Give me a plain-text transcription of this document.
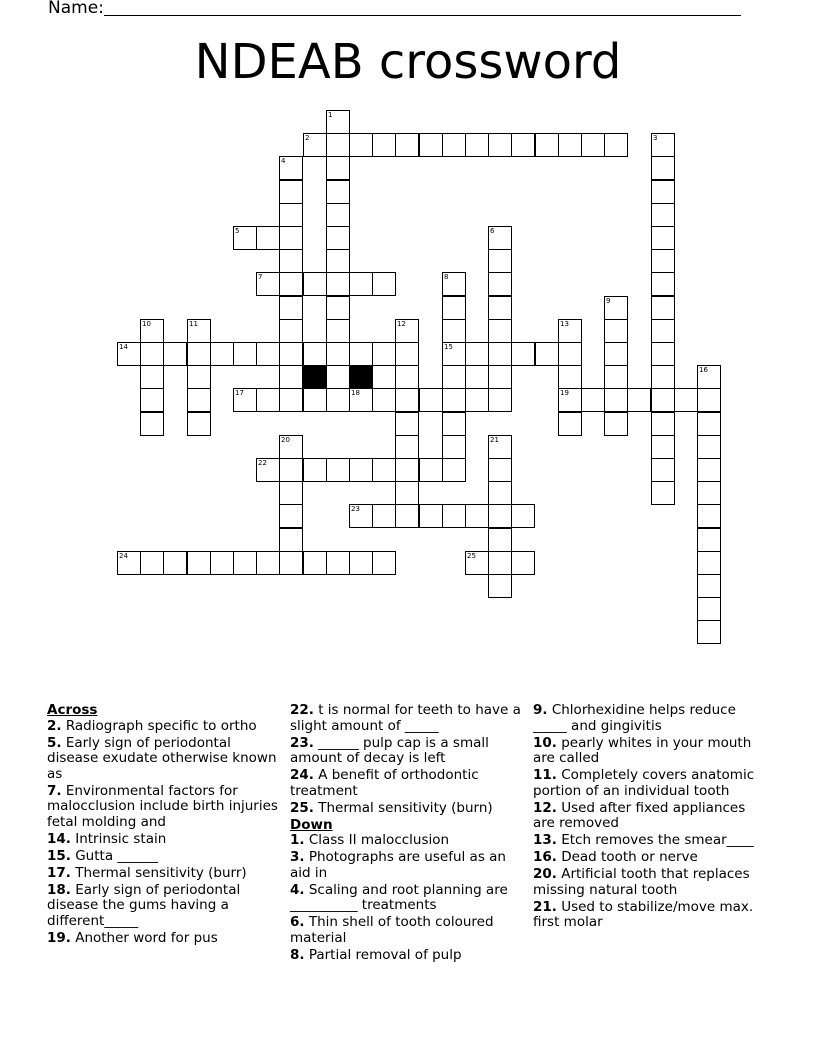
Name:
NDEAB crossword
1
2	3
4
5	6
7	8
15
9
10	11	12	13
19
14
16
17	18
20	21
22
23
24	25
Across
2. Radiograph specific to ortho
5. Early sign of periodontal disease exudate otherwise known as
7. Environmental factors for malocclusion include birth injuries fetal molding and
14. Intrinsic stain
15. Gutta ______
17. Thermal sensitivity (burr)
18. Early sign of periodontal disease the gums having a different_____
19. Another word for pus
22. t is normal for teeth to have a slight amount of _____
23. ______ pulp cap is a small amount of decay is left
24. A benefit of orthodontic treatment
25. Thermal sensitivity (burn)
Down
1. Class II malocclusion
3. Photographs are useful as an aid in
4. Scaling and root planning are __________ treatments
6. Thin shell of tooth coloured material
8. Partial removal of pulp
9. Chlorhexidine helps reduce _____ and gingivitis
10. pearly whites in your mouth are called
11. Completely covers anatomic portion of an individual tooth
12. Used after fixed appliances are removed
13. Etch removes the smear____
16. Dead tooth or nerve
20. Artificial tooth that replaces missing natural tooth
21. Used to stabilize/move max. first molar
